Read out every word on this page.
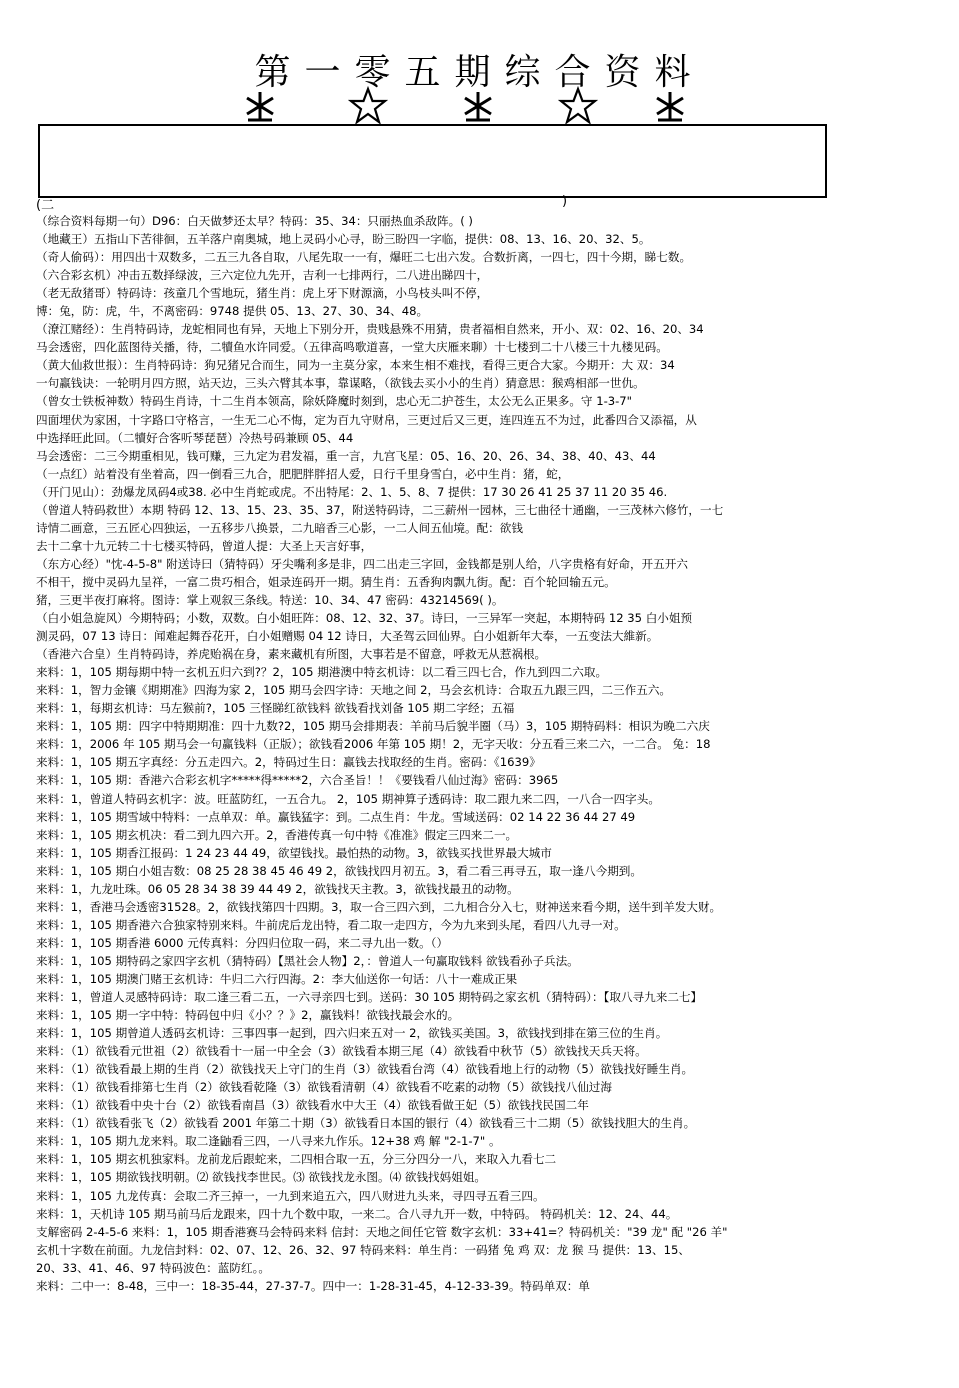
第一零五期综合资料
(二	)
（综合资料每期一句）D96：白天做梦还太早？特码：35、34：只丽热血杀敌阵。( )
（地藏王）五指山下苦徘徊，五羊落户南奥城，地上灵码小心寻，盼三盼四一字临，提供：08、13、16、20、32、5。
（奇人偷码）：用四出十双数多，二五三九各自取，八尾先取一一有，爆旺二七出六发。合数折离，一四七，四十今期，睇七数。
（六合彩玄机）冲击五数择绿波，三六定位九先开，吉利一七排两行，二八进出睇四十，
（老无敌猪哥）特码诗：孩童几个雪地玩，猪生肖：虎上牙下财源滴，小鸟枝头叫不停，
博：兔，防：虎，牛，不离密码：9748 提供 05、13、27、30、34、48。
（潦江赌经）：生肖特码诗，龙蛇相同也有异，天地上下别分开，贵贱悬殊不用猜，贵者福相自然来，开小、双：02、16、20、34
马会透密，四化蓝图待关播，待，二犢鱼水许同爱。（五律高鸣歌道喜，一堂大庆雁来聊）十七楼到二十八楼三十九楼见码。
（黄大仙救世报）：生肖特码诗：狗兄猪兄合而生，同为一主莫分家，本来生相不难找，看得三更合大家。今期开：大 双：34
一句赢钱诀：一轮明月四方照，站天边，三头六臂其本事，靠谋略，（欲钱去买小小的生肖）猜意思：猴鸡相部一世仇。
（曾女士铁板神数）特码生肖诗，十二生肖本领高，除妖降魔时刻到，忠心无二护苍生，太公无么正果多。守 1-3-7"
四面埋伏为家困，十字路口守格言，一生无二心不悔，定为百九守财帛，三更过后又三更，连四连五不为过，此番四合又添福，从
中选择旺此回。（二犢好合客听琴琵琶）冷热号码兼顾 05、44
马会透密：二三今期重相见，钱可赚，三九定为君发福，重一言，九宫飞星：05、16、20、26、34、38、40、43、44
（一点红）站着没有坐着高，四一倒看三九合，肥肥胖胖招人爱，日行千里身雪白，必中生肖：猪，蛇，
（开门见山）：劲爆龙凤码4或38. 必中生肖蛇或虎。不出特尾：2、1、5、8、7 提供：17 30 26 41 25 37 11 20 35 46.
（曾道人特码救世）本期 特码 12、13、15、23、35、37，附送特码诗，二三薪州一园林，三七曲径十通幽，一三茂林六修竹，一七
诗情二画意，三五匠心四独运，一五移步八换景，二九暗香三心影，一二人间五仙境。配：欲钱
去十二拿十九元转二十七楼买特码，曾道人提：大圣上天言好事，
（东方心经）"忱-4-5-8" 附送诗曰（猜特码）牙尖嘴利多是非，四二出走三字回，金钱都是别人给，八字贵格有好命，开五开六
不相干，搅中灵码九呈祥，一富二贵巧相合，姐录连码开一期。猜生肖：五香狗肉飘九街。配：百个轮回输五元。
猪，三更半夜打麻将。图诗：掌上观叙三条线。特送：10、34、47 密码：43214569( )。
（白小姐急旋风）今期特码；小数，双数。白小姐旺阵：08、12、32、37。诗曰，一三异军一突起，本期特码 12 35 白小姐预
测灵码，07 13 诗日：闻难起舞吞花开，白小姐赠赐 04 12 诗日，大圣驾云回仙界。白小姐新年大奉，一五变法大維新。
（香港六合皇）生肖特码诗，养虎贻祸在身，素来藏机有所图，大事若是不留意，呼救无从惹祸根。
来料：1，105 期每期中特一玄机五归六到?？2，105 期港澳中特玄机诗：以二看三四七合，作九到四二六取。
来料：1，智力金镶《期期准》四海为家 2，105 期马会四字诗：天地之间 2，马会玄机诗：合取五九跟三四，二三作五六。
来料：1，每期玄机诗：马左猴前?，105 三怪睇红欲钱料 欲钱看找刘备 105 期二字经；五福
来料：1，105 期：四字中特期期准：四十九数?2，105 期马会排期表：羊前马后貌半圈（马）3，105 期特码料：相识为晚二六庆
来料：1，2006 年 105 期马会一句赢钱料（正版）；欲钱看2006 年第 105 期！2，无字天收：分五看三来二六，一二合。 兔：18
来料：1，105 期五字真经：分五走四六。2，特码过生日：赢钱去找取经的生肖。密码：《1639》
来料：1，105 期：香港六合彩玄机字*****得*****2，六合圣旨！！《要钱看八仙过海》密码：3965
来料：1，曾道人特码玄机字：波。旺蓝防红，一五合九。 2，105 期神算子透码诗：取二跟九来二四，一八合一四字头。
来料：1，105 期雪域中特料：一点单双：单。赢钱猛字：到。二点生肖：牛龙。雪域送码：02 14 22 36 44 27 49
来料：1，105 期玄机决：看二到九四六开。2，香港传真一句中特《准准》假定三四来二一。
来料：1，105 期香江报码：1 24 23 44 49，欲望钱找。最怕热的动物。3，欲钱买找世界最大城市
来料：1，105 期白小姐吉数：08 25 28 38 45 46 49 2，欲钱找四月初五。3，看二看三再寻五，取一逢八今期到。
来料：1，九龙吐珠。06 05 28 34 38 39 44 49 2，欲钱找天主教。3，欲钱找最丑的动物。
来料：1，香港马会透密31528。2，欲钱找第四十四期。3，取一合三四六到，二九相合分入七，财神送来看今期，送牛到羊发大财。
来料：1，105 期香港六合独家特别来料。牛前虎后龙出特，看二取一走四方，今为九来到头尾，看四八九寻一对。
来料：1，105 期香港 6000 元传真料：分四归位取一码，来二寻九出一数。（）
来料：1，105 期特码之家四字玄机（猜特码）【黑社会人物】2，：曾道人一句赢取钱料 欲钱看孙子兵法。
来料：1，105 期澳门赌王玄机诗：牛归二六行四海。2：李大仙送你一句话：八十一难成正果
来料：1，曾道人灵感特码诗：取二逢三看二五，一六寻亲四七到。送码：30 105 期特码之家玄机（猜特码）：【取八寻九来二七】
来料：1，105 期一字中特：特码包中归《小？？》2，赢钱料！欲钱找最会水的。
来料：1，105 期曾道人透码玄机诗：三事四事一起到，四六归来五对一 2，欲钱买美国。3，欲钱找到排在第三位的生肖。
来料：（1）欲钱看元世祖（2）欲钱看十一届一中全会（3）欲钱看本期三尾（4）欲钱看中秋节（5）欲钱找天兵天将。
来料：（1）欲钱看最上期的生肖（2）欲钱找天上守门的生肖（3）欲钱看台湾（4）欲钱看地上行的动物（5）欲钱找好睡生肖。
来料：（1）欲钱看排第七生肖（2）欲钱看乾隆（3）欲钱看清朝（4）欲钱看不吃素的动物（5）欲钱找八仙过海
来料：（1）欲钱看中央十台（2）欲钱看南昌（3）欲钱看水中大王（4）欲钱看做王妃（5）欲钱找民国二年
来料：（1）欲钱看张飞（2）欲钱看 2001 年第二十期（3）欲钱看日本国的银行（4）欲钱看三十二期（5）欲钱找胆大的生肖。
来料：1，105 期九龙来料。取二逢鼬看三四，一八寻来九作乐。12+38 鸡 解 "2-1-7" 。
来料：1，105 期玄机独家料。龙前龙后跟蛇来，二四相合取一五，分三分四分一八，来取入九看七二
来料：1，105 期欲钱找明朝。⑵ 欲钱找李世民。⑶ 欲钱找龙永图。⑷ 欲钱找妈姐姐。
来料：1，105 九龙传真：会取二齐三掉一，一九到来追五六，四八财进九头来，寻四寻五看三四。
来料：1，天机诗 105 期马前马后龙跟来，四十九个数中取，一来二。合八寻九开一数，中特码。 特码机关：12、24、44。
支解密码 2-4-5-6 来料：1，105 期香港赛马会特码来料 信封：天地之间任它管 数字玄机：33+41=？特码机关："39 龙" 配 "26 羊"
玄机十字数在前面。九龙信封料：02、07、12、26、32、97 特码来料：单生肖：一码猪 兔 鸡 双：龙 猴 马 提供：13、15、
20、33、41、46、97 特码波色：蓝防红。。
来料：二中一：8-48，三中一：18-35-44，27-37-7。四中一：1-28-31-45，4-12-33-39。特码单双：单
